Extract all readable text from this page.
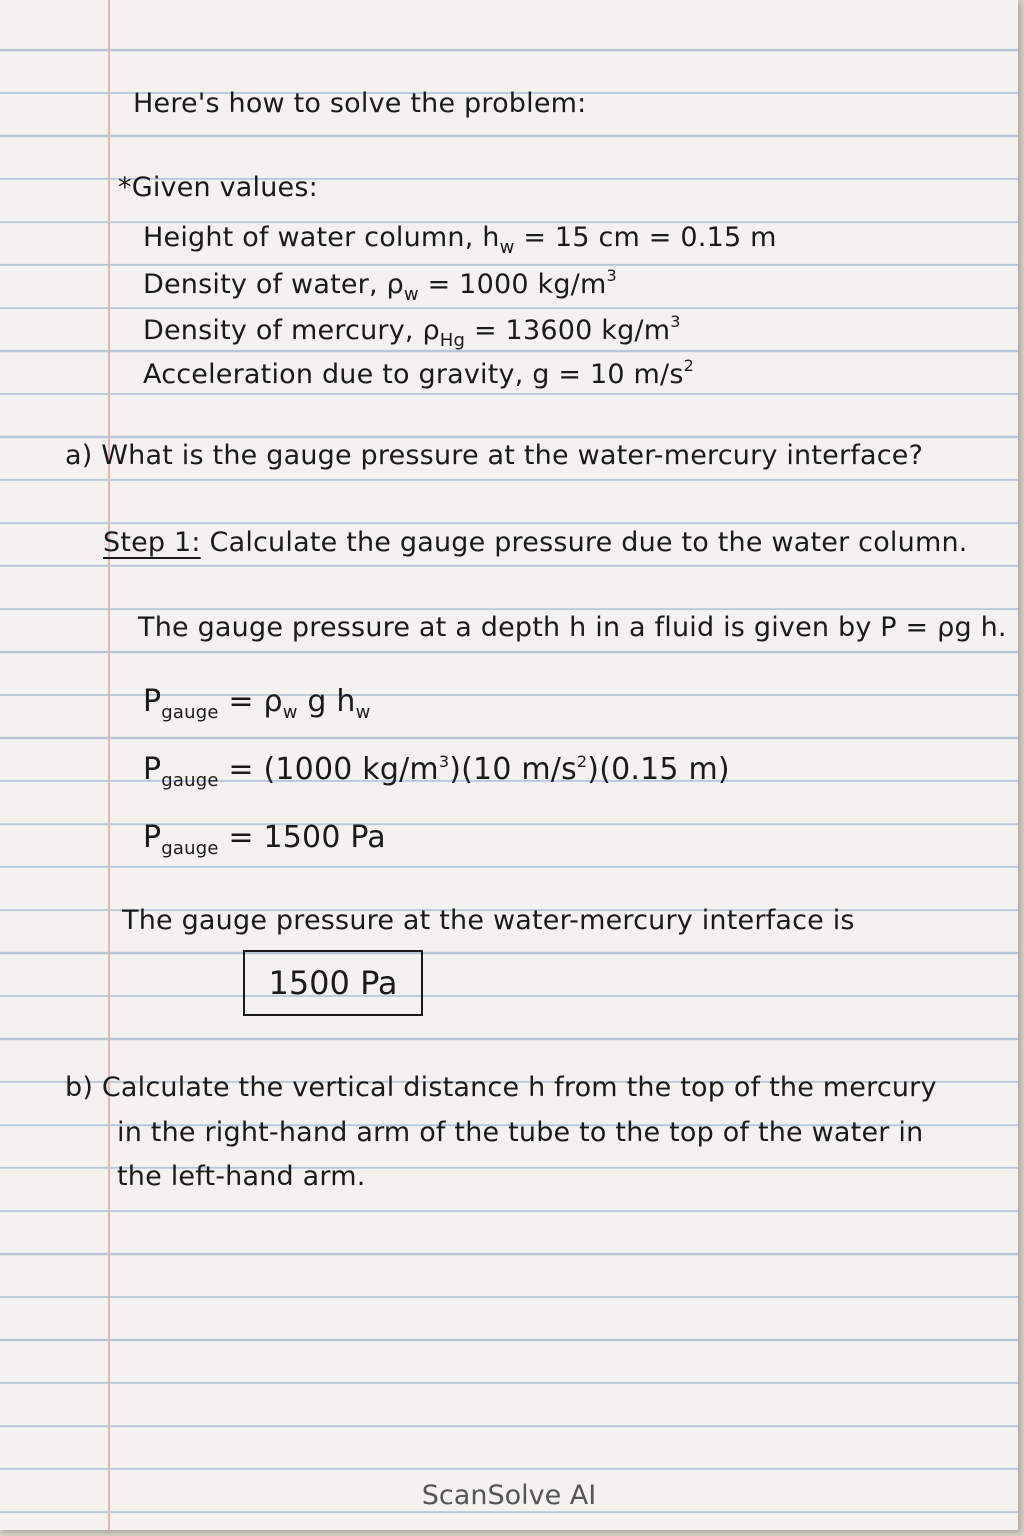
Here's how to solve the problem:
*Given values:
Height of water column, $h_w = 15$ cm = 0.15 m
Density of water, $\rho_w = 1000$ $kg/m^3$
Density of mercury, $\rho_{Hg} = 13600$ $kg/m^3$
Acceleration due to gravity, g = 10 $m/s^2$
a) What is the gauge pressure at the water-mercury interface?
Step 1: Calculate the gauge pressure due to the water column.
The gauge pressure at a depth h in a fluid is given by P = ρg h.
$P_{gauge} = \rho_w$ g $h_w$
$P_{gauge} = (1000$ $kg/m^3)(10$ $m/s^2)(0.15$ m)
$P_{gauge} = 1500$ Pa
The gauge pressure at the water-mercury interface is
1500 Pa
b) Calculate the vertical distance h from the top of the mercury
in the right-hand arm of the tube to the top of the water in
the left-hand arm.
ScanSolve AI
